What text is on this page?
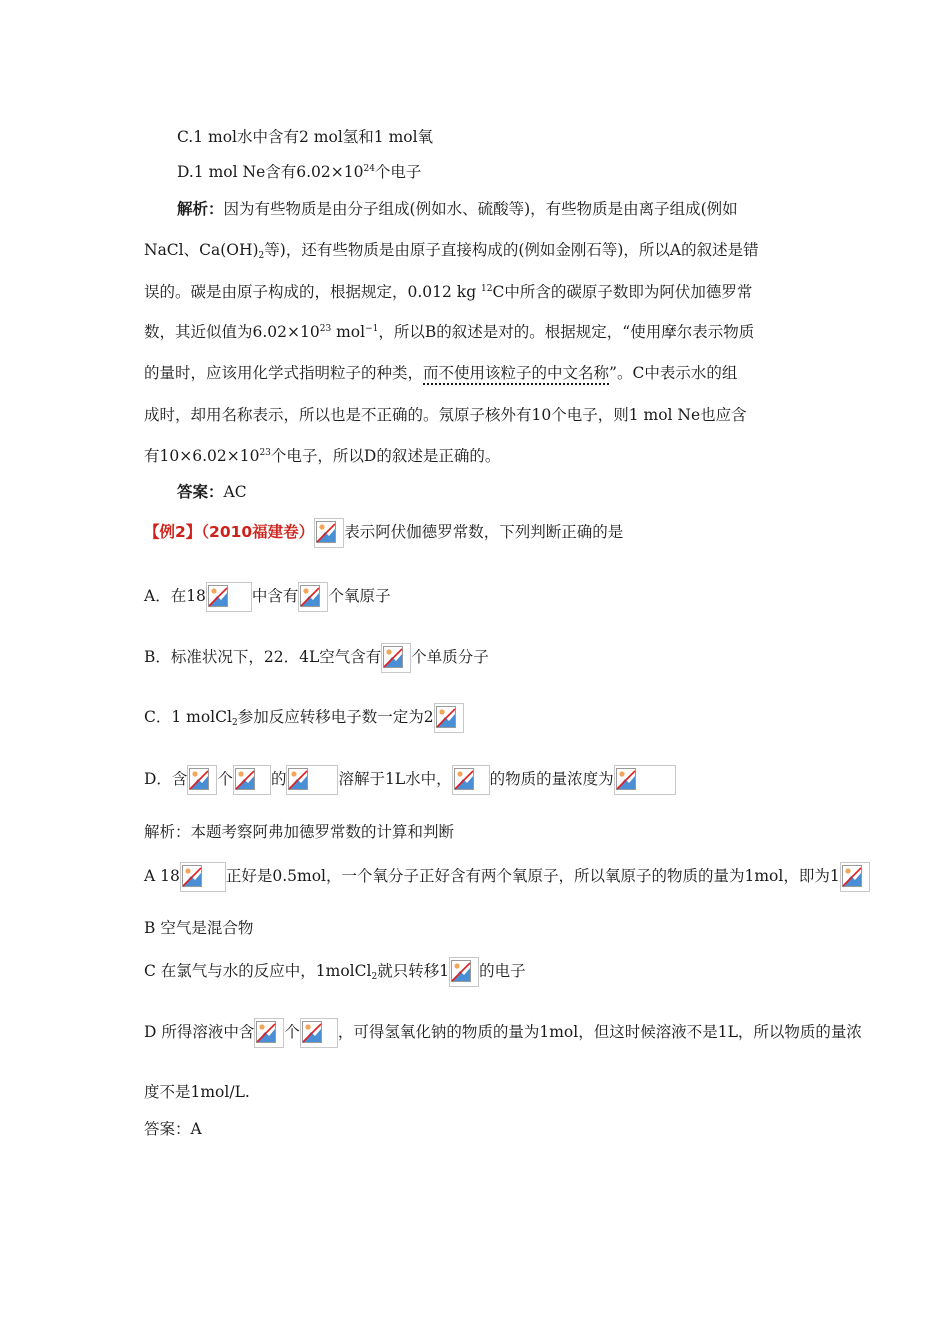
C.1 mol水中含有2 mol氢和1 mol氧
D.1 mol Ne含有$6.02\times 10^{24}$个电子
解析：因为有些物质是由分子组成(例如水、硫酸等)，有些物质是由离子组成(例如
NaCl、$Ca(OH)_2$等)，还有些物质是由原子直接构成的(例如金刚石等)，所以A的叙述是错
误的。碳是由原子构成的，根据规定，0.012 kg $^{12}$C中所含的碳原子数即为阿伏加德罗常
数，其近似值为$6.02\times 10^{23}$ mol$^{-1}$，所以B的叙述是对的。根据规定，“使用摩尔表示物质
的量时，应该用化学式指明粒子的种类，而不使用该粒子的中文名称”。C中表示水的组
成时，却用名称表示，所以也是不正确的。氖原子核外有10个电子，则1 mol Ne也应含
有$10\times 6.02\times 10^{23}$个电子，所以D的叙述是正确的。
答案：AC
【例2】（2010福建卷） 表示阿伏伽德罗常数，下列判断正确的是
A．在18	中含有 个氧原子
B．标准状况下，22．4L空气含有 个单质分子
C．1 molCl$_2$参加反应转移电子数一定为2
D．含 个 的	溶解于1L水中， 的物质的量浓度为
解析：本题考察阿弗加德罗常数的计算和判断
A 18	正好是0.5mol，一个氧分子正好含有两个氧原子，所以氧原子的物质的量为1mol，即为1
B 空气是混合物
C 在氯气与水的反应中，1molCl$_2$就只转移1 的电子
D 所得溶液中含 个 ，可得氢氧化钠的物质的量为1mol，但这时候溶液不是1L，所以物质的量浓
度不是1mol/L.
答案：A
